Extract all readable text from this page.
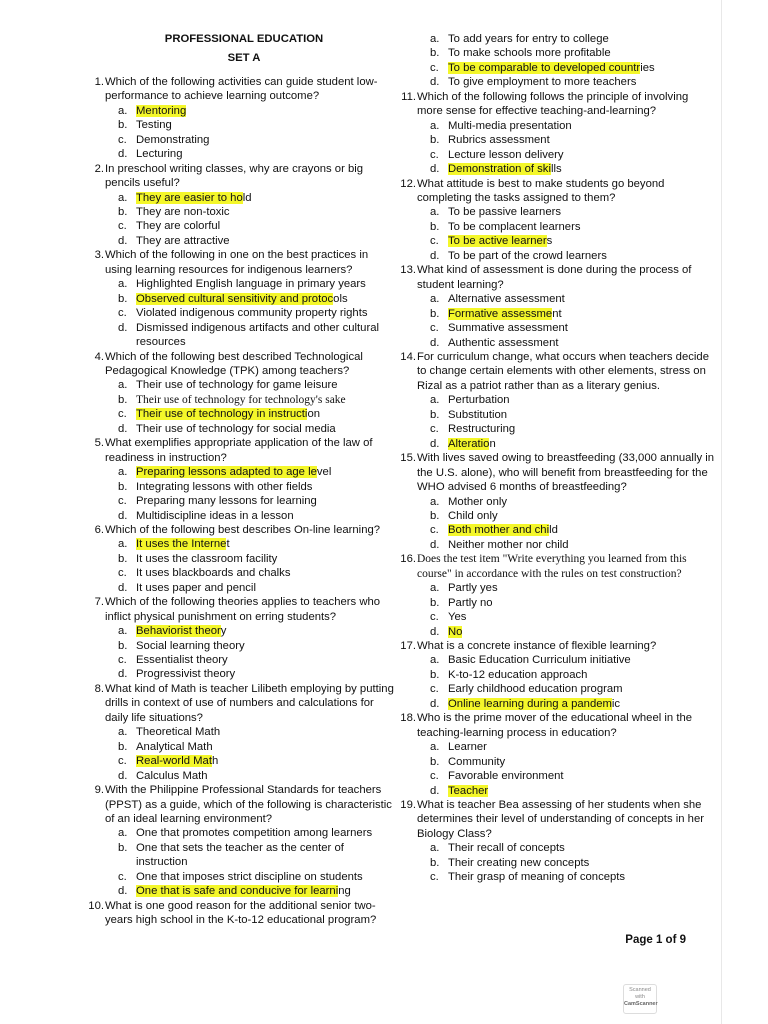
PROFESSIONAL EDUCATION
SET A
1. Which of the following activities can guide student low-performance to achieve learning outcome?
a. Mentoring
b. Testing
c. Demonstrating
d. Lecturing
2. In preschool writing classes, why are crayons or big pencils useful?
a. They are easier to hold
b. They are non-toxic
c. They are colorful
d. They are attractive
3. Which of the following in one on the best practices in using learning resources for indigenous learners?
a. Highlighted English language in primary years
b. Observed cultural sensitivity and protocols
c. Violated indigenous community property rights
d. Dismissed indigenous artifacts and other cultural resources
4. Which of the following best described Technological Pedagogical Knowledge (TPK) among teachers?
a. Their use of technology for game leisure
b. Their use of technology for technology's sake
c. Their use of technology in instruction
d. Their use of technology for social media
5. What exemplifies appropriate application of the law of readiness in instruction?
a. Preparing lessons adapted to age level
b. Integrating lessons with other fields
c. Preparing many lessons for learning
d. Multidiscipline ideas in a lesson
6. Which of the following best describes On-line learning?
a. It uses the Internet
b. It uses the classroom facility
c. It uses blackboards and chalks
d. It uses paper and pencil
7. Which of the following theories applies to teachers who inflict physical punishment on erring students?
a. Behaviorist theory
b. Social learning theory
c. Essentialist theory
d. Progressivist theory
8. What kind of Math is teacher Lilibeth employing by putting drills in context of use of numbers and calculations for daily life situations?
a. Theoretical Math
b. Analytical Math
c. Real-world Math
d. Calculus Math
9. With the Philippine Professional Standards for teachers (PPST) as a guide, which of the following is characteristic of an ideal learning environment?
a. One that promotes competition among learners
b. One that sets the teacher as the center of instruction
c. One that imposes strict discipline on students
d. One that is safe and conducive for learning
10. What is one good reason for the additional senior two-years high school in the K-to-12 educational program?
a. To add years for entry to college
b. To make schools more profitable
c. To be comparable to developed countries
d. To give employment to more teachers
11. Which of the following follows the principle of involving more sense for effective teaching-and-learning?
a. Multi-media presentation
b. Rubrics assessment
c. Lecture lesson delivery
d. Demonstration of skills
12. What attitude is best to make students go beyond completing the tasks assigned to them?
a. To be passive learners
b. To be complacent learners
c. To be active learners
d. To be part of the crowd learners
13. What kind of assessment is done during the process of student learning?
a. Alternative assessment
b. Formative assessment
c. Summative assessment
d. Authentic assessment
14. For curriculum change, what occurs when teachers decide to change certain elements with other elements, stress on Rizal as a patriot rather than as a literary genius.
a. Perturbation
b. Substitution
c. Restructuring
d. Alteration
15. With lives saved owing to breastfeeding (33,000 annually in the U.S. alone), who will benefit from breastfeeding for the WHO advised 6 months of breastfeeding?
a. Mother only
b. Child only
c. Both mother and child
d. Neither mother nor child
16. Does the test item "Write everything you learned from this course" in accordance with the rules on test construction?
a. Partly yes
b. Partly no
c. Yes
d. No
17. What is a concrete instance of flexible learning?
a. Basic Education Curriculum initiative
b. K-to-12 education approach
c. Early childhood education program
d. Online learning during a pandemic
18. Who is the prime mover of the educational wheel in the teaching-learning process in education?
a. Learner
b. Community
c. Favorable environment
d. Teacher
19. What is teacher Bea assessing of her students when she determines their level of understanding of concepts in her Biology Class?
a. Their recall of concepts
b. Their creating new concepts
c. Their grasp of meaning of concepts
Page 1 of 9
Scanned with
CamScanner
